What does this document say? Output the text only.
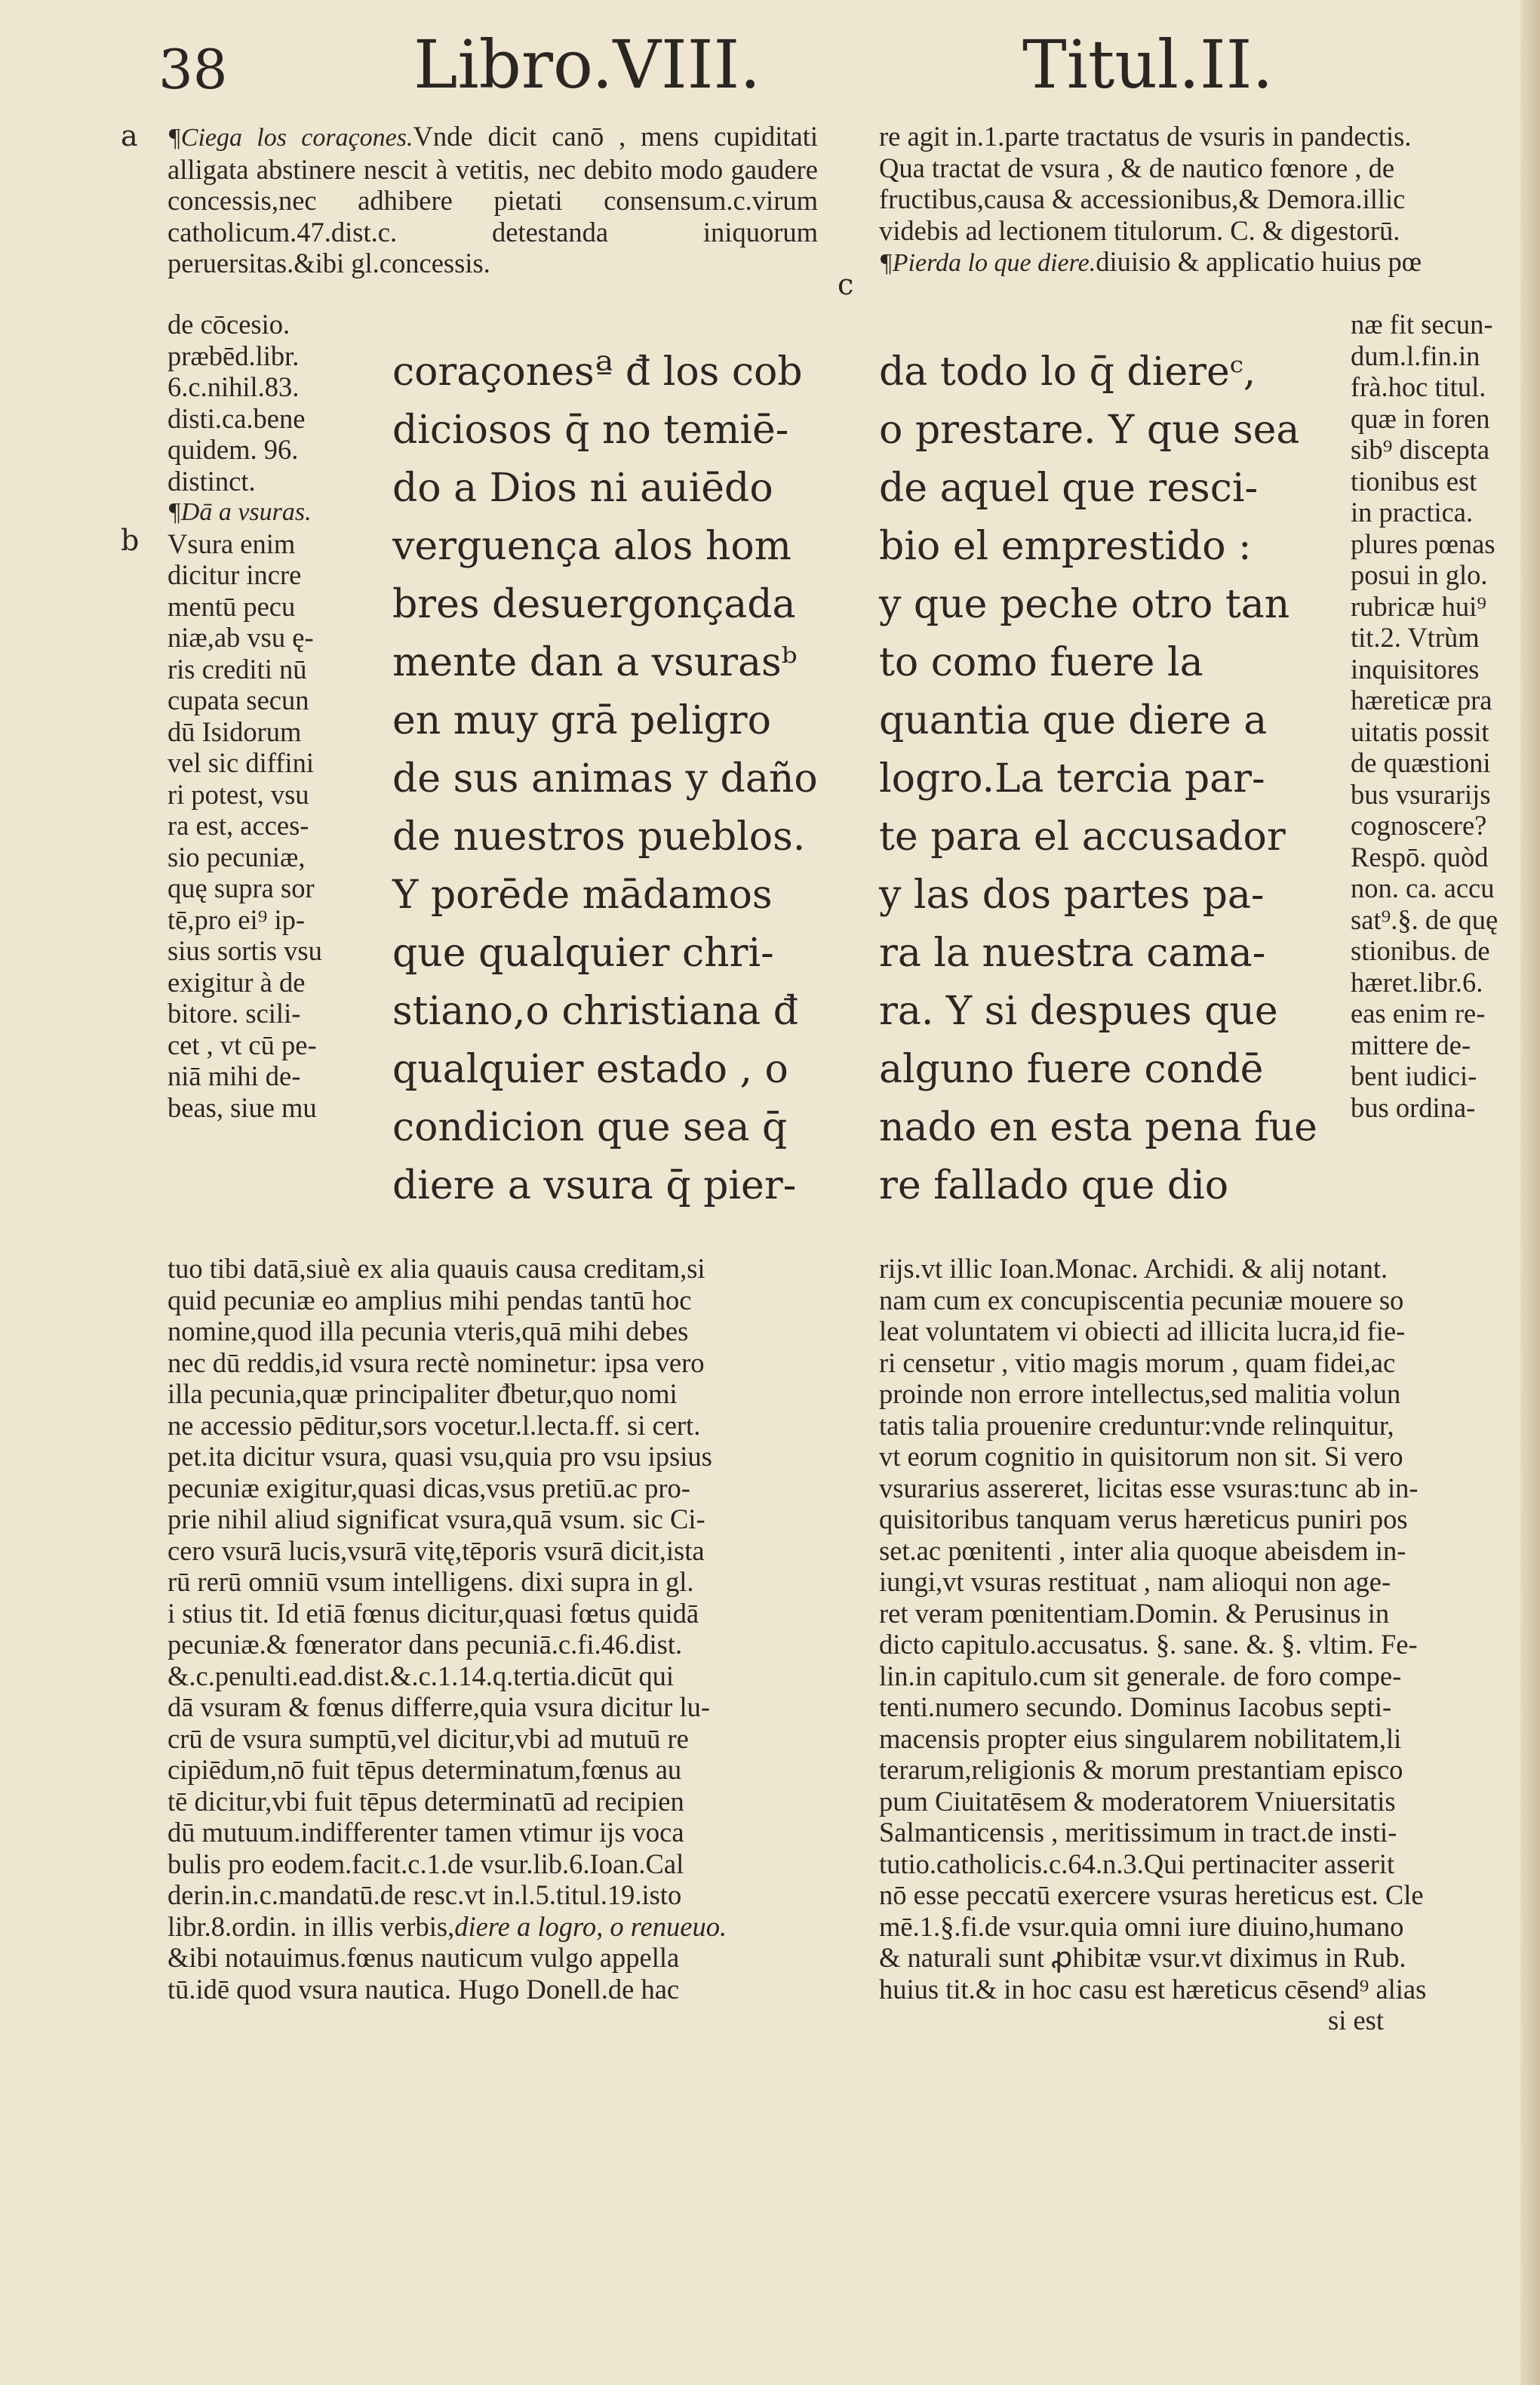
38	Libro.VIII.	Titul.II.
a
b
c

¶Ciega los coraçones.Vnde dicit canō , mens cupiditati alligata abstinere nescit à vetitis, nec debito modo gaudere concessis,nec adhibere pietati consensum.c.virum catholicum.47.dist.c. detestanda iniquorum peruersitas.&ibi gl.concessis.

de cōcesio.
præbēd.libr.
6.c.nihil.83.
disti.ca.bene
quidem. 96.
distinct.
¶Dā a vsuras.
Vsura enim
dicitur incre
mentū pecu
niæ,ab vsu ę-
ris crediti nū
cupata secun
dū Isidorum
vel sic diffini
ri potest, vsu
ra est, acces-
sio pecuniæ,
quę supra sor
tē,pro ei⁹ ip-
sius sortis vsu
exigitur à de
bitore. scili-
cet , vt cū pe-
niā mihi de-
beas, siue mu
coraçonesª đ los cob
diciosos q̄ no temiē-
do a Dios ni auiēdo
verguença alos hom
bres desuergonçada
mente dan a vsurasᵇ
en muy grā peligro
de sus animas y daño
de nuestros pueblos.
Y porēde mādamos
que qualquier chri-
stiano,o christiana đ
qualquier estado , o
condicion que sea q̄
diere a vsura q̄ pier-
tuo tibi datā,siuè ex alia quauis causa creditam,si
quid pecuniæ eo amplius mihi pendas tantū hoc
nomine,quod illa pecunia vteris,quā mihi debes
nec dū reddis,id vsura rectè nominetur: ipsa vero
illa pecunia,quæ principaliter đbetur,quo nomi
ne accessio pēditur,sors vocetur.l.lecta.ff. si cert.
pet.ita dicitur vsura, quasi vsu,quia pro vsu ipsius
pecuniæ exigitur,quasi dicas,vsus pretiū.ac pro-
prie nihil aliud significat vsura,quā vsum. sic Ci-
cero vsurā lucis,vsurā vitę,tēporis vsurā dicit,ista
rū rerū omniū vsum intelligens. dixi supra in gl.
i stius tit. Id etiā fœnus dicitur,quasi fœtus quidā
pecuniæ.& fœnerator dans pecuniā.c.fi.46.dist.
&.c.penulti.ead.dist.&.c.1.14.q.tertia.dicūt qui
dā vsuram & fœnus differre,quia vsura dicitur lu-
crū de vsura sumptū,vel dicitur,vbi ad mutuū re
cipiēdum,nō fuit tēpus determinatum,fœnus au
tē dicitur,vbi fuit tēpus determinatū ad recipien
dū mutuum.indifferenter tamen vtimur ijs voca
bulis pro eodem.facit.c.1.de vsur.lib.6.Ioan.Cal
derin.in.c.mandatū.de resc.vt in.l.5.titul.19.isto
libr.8.ordin. in illis verbis,diere a logro, o renueuo.
&ibi notauimus.fœnus nauticum vulgo appella
tū.idē quod vsura nautica. Hugo Donell.de hac
re agit in.1.parte tractatus de vsuris in pandectis.
Qua tractat de vsura , & de nautico fœnore , de
fructibus,causa & accessionibus,& Demora.illic
videbis ad lectionem titulorum. C. & digestorū.
¶Pierda lo que diere.diuisio & applicatio huius pœ
næ fit secun-
dum.l.fin.in
frà.hoc titul.
quæ in foren
sib⁹ discepta
tionibus est
in practica.
plures pœnas
posui in glo.
rubricæ hui⁹
tit.2. Vtrùm
inquisitores
hæreticæ pra
uitatis possit
de quæstioni
bus vsurarijs
cognoscere?
Respō. quòd
non. ca. accu
sat⁹.§. de quę
stionibus. de
hæret.libr.6.
eas enim re-
mittere de-
bent iudici-
bus ordina-
da todo lo q̄ diereᶜ,
o prestare. Y que sea
de aquel que resci-
bio el emprestido :
y que peche otro tan
to como fuere la
quantia que diere a
logro.La tercia par-
te para el accusador
y las dos partes pa-
ra la nuestra cama-
ra. Y si despues que
alguno fuere condē
nado en esta pena fue
re fallado que dio
rijs.vt illic Ioan.Monac. Archidi. & alij notant.
nam cum ex concupiscentia pecuniæ mouere so
leat voluntatem vi obiecti ad illicita lucra,id fie-
ri censetur , vitio magis morum , quam fidei,ac
proinde non errore intellectus,sed malitia volun
tatis talia prouenire creduntur:vnde relinquitur,
vt eorum cognitio in quisitorum non sit. Si vero
vsurarius assereret, licitas esse vsuras:tunc ab in-
quisitoribus tanquam verus hæreticus puniri pos
set.ac pœnitenti , inter alia quoque abeisdem in-
iungi,vt vsuras restituat , nam alioqui non age-
ret veram pœnitentiam.Domin. & Perusinus in
dicto capitulo.accusatus. §. sane. &. §. vltim. Fe-
lin.in capitulo.cum sit generale. de foro compe-
tenti.numero secundo. Dominus Iacobus septi-
macensis propter eius singularem nobilitatem,li
terarum,religionis & morum prestantiam episco
pum Ciuitatēsem & moderatorem Vniuersitatis
Salmanticensis , meritissimum in tract.de insti-
tutio.catholicis.c.64.n.3.Qui pertinaciter asserit
nō esse peccatū exercere vsuras hereticus est. Cle
mē.1.§.fi.de vsur.quia omni iure diuino,humano
& naturali sunt ꝓhibitæ vsur.vt diximus in Rub.
huius tit.& in hoc casu est hæreticus cēsend⁹ alias
si est
